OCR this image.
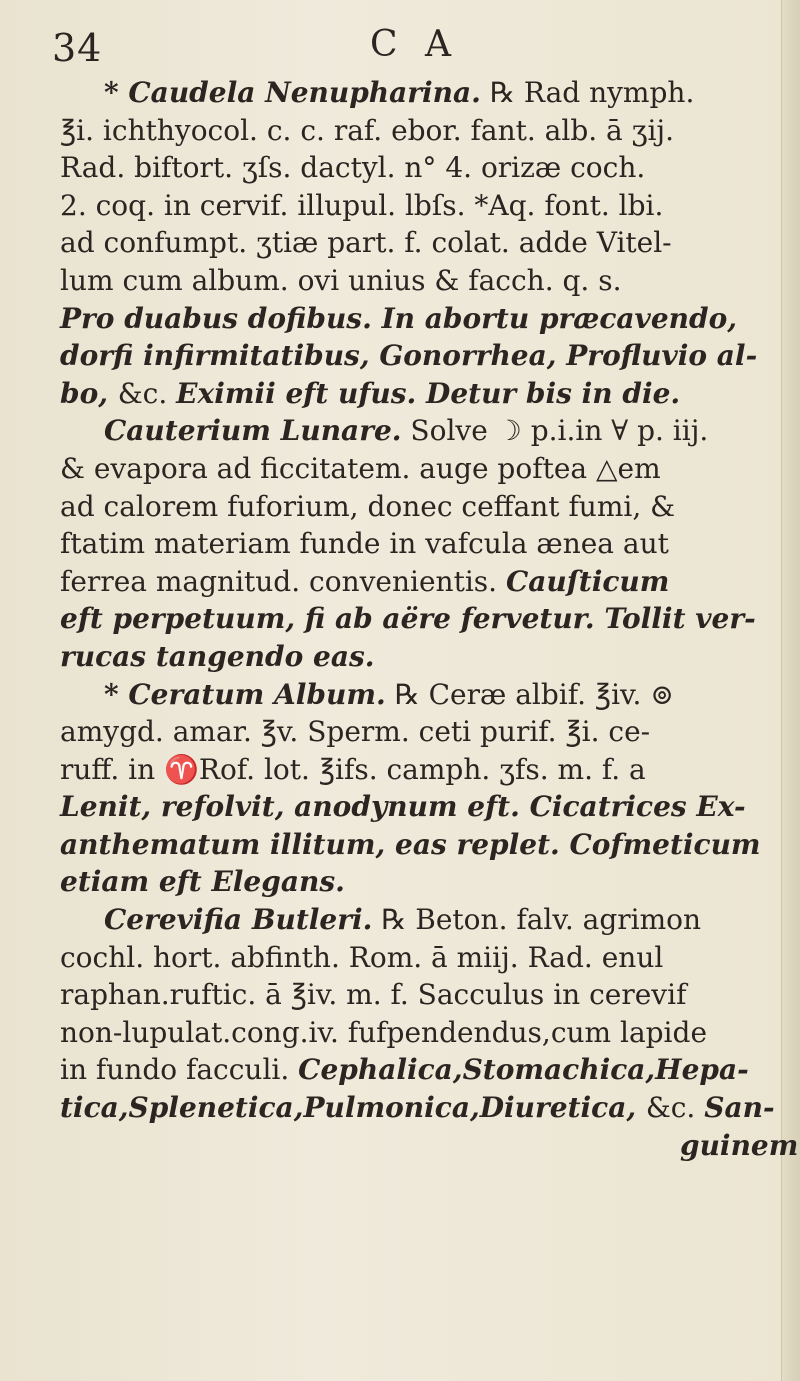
34	C A
* Caudela Nenupharina. ℞ Rad nymph.
℥i. ichthyocol. c. c. raf. ebor. fant. alb. ā ʒij.
Rad. biftort. ʒſs. dactyl. n° 4. orizæ coch.
2. coq. in cervif. illupul. lbſs. *Aq. font. lbi.
ad confumpt. ʒtiæ part. f. colat. adde Vitel-
lum cum album. ovi unius & facch. q. s.
Pro duabus dofibus. In abortu præcavendo,
dorfi infirmitatibus, Gonorrhea, Profluvio al-
bo, &c. Eximii eft ufus. Detur bis in die.
Cauterium Lunare. Solve ☽ p.i.in ∀ p. iij.
& evapora ad ficcitatem. auge poftea △em
ad calorem fuforium, donec ceffant fumi, &
ftatim materiam funde in vafcula ænea aut
ferrea magnitud. convenientis. Cauſticum
eft perpetuum, fi ab aëre fervetur. Tollit ver-
rucas tangendo eas.
* Ceratum Album. ℞ Ceræ albif. ℥iv. ⊚
amygd. amar. ℥v. Sperm. ceti purif. ℥i. ce-
ruff. in ♈Rof. lot. ℥ifs. camph. ʒfs. m. f. a
Lenit, refolvit, anodynum eft. Cicatrices Ex-
anthematum illitum, eas replet. Cofmeticum
etiam eft Elegans.
Cerevifia Butleri. ℞ Beton. falv. agrimon
cochl. hort. abfinth. Rom. ā miij. Rad. enul
raphan.ruftic. ā ℥iv. m. f. Sacculus in cerevif
non-lupulat.cong.iv. fufpendendus,cum lapide
in fundo facculi. Cephalica,Stomachica,Hepa-
tica,Splenetica,Pulmonica,Diuretica, &c. San-
guinem
